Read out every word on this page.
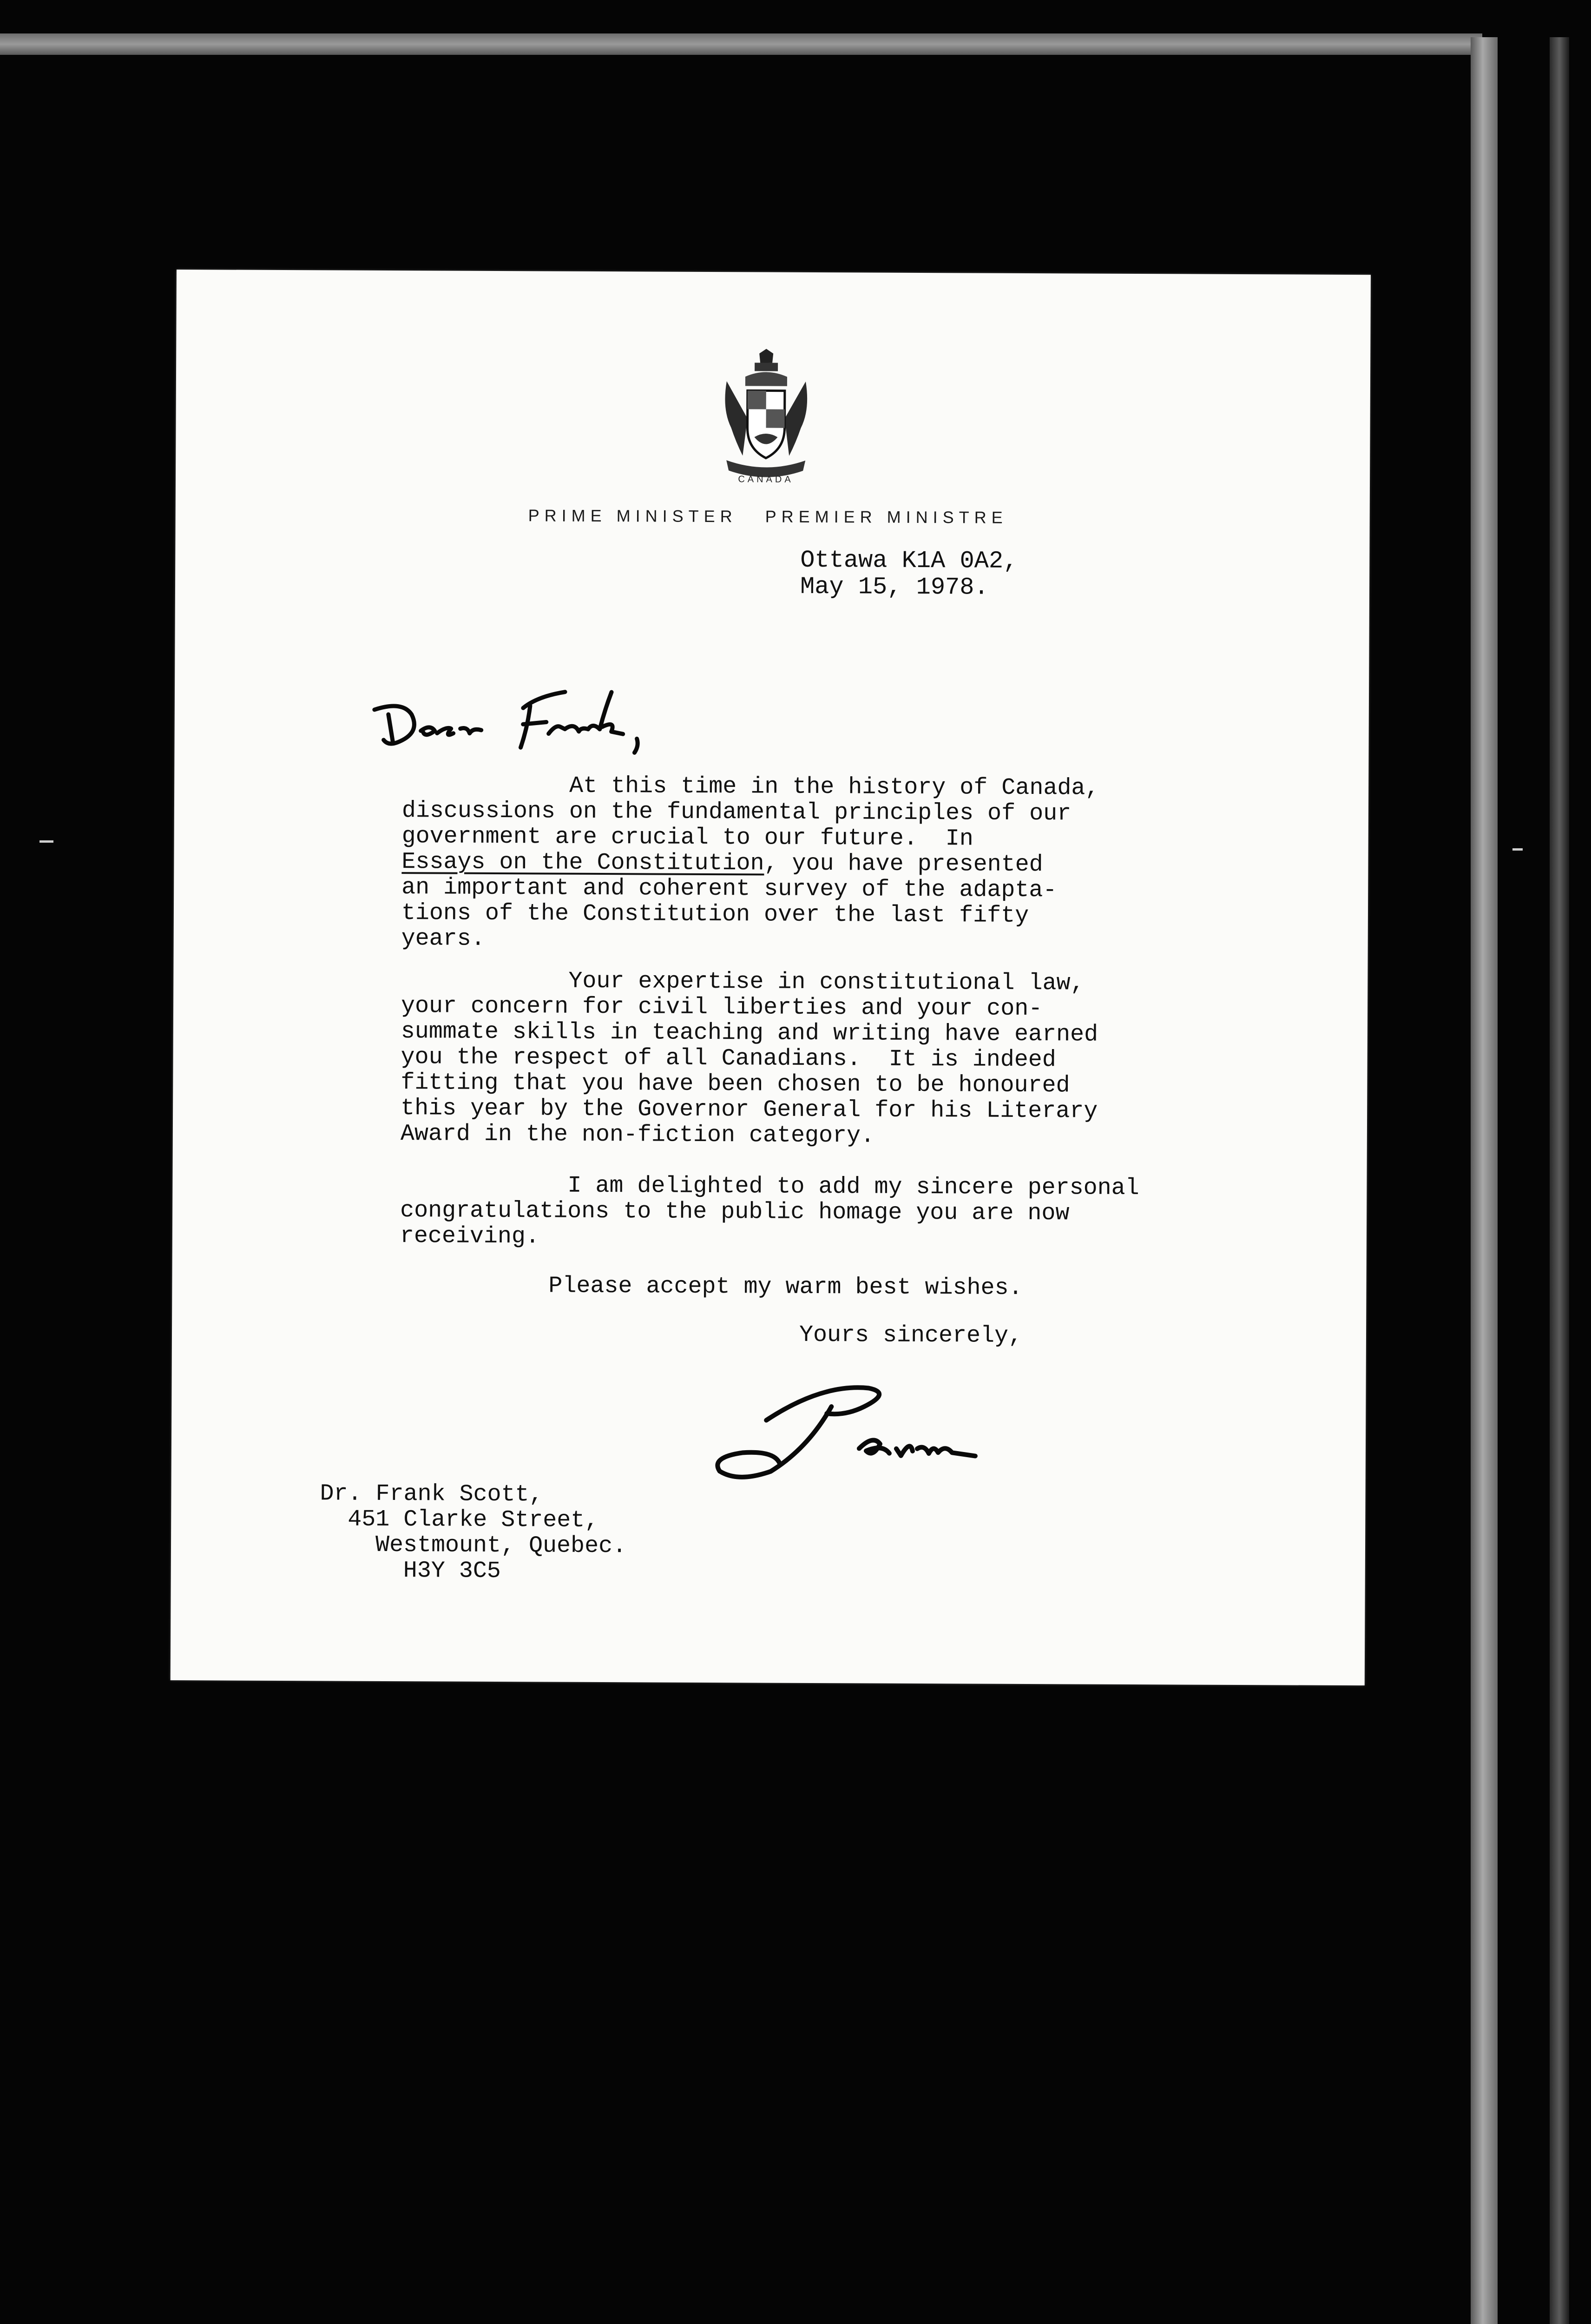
CANADA
PRIME MINISTER PREMIER MINISTRE
Ottawa K1A 0A2,
May 15, 1978.

At this time in the history of Canada,

discussions on the fundamental principles of our

government are crucial to our future.  In

Essays on the Constitution, you have presented

an important and coherent survey of the adapta-

tions of the Constitution over the last fifty

years.

Your expertise in constitutional law,

your concern for civil liberties and your con-

summate skills in teaching and writing have earned

you the respect of all Canadians.  It is indeed

fitting that you have been chosen to be honoured

this year by the Governor General for his Literary

Award in the non-fiction category.

I am delighted to add my sincere personal

congratulations to the public homage you are now

receiving.

Please accept my warm best wishes.
Yours sincerely,
Dr. Frank Scott,
451 Clarke Street,
Westmount, Quebec.
H3Y 3C5
